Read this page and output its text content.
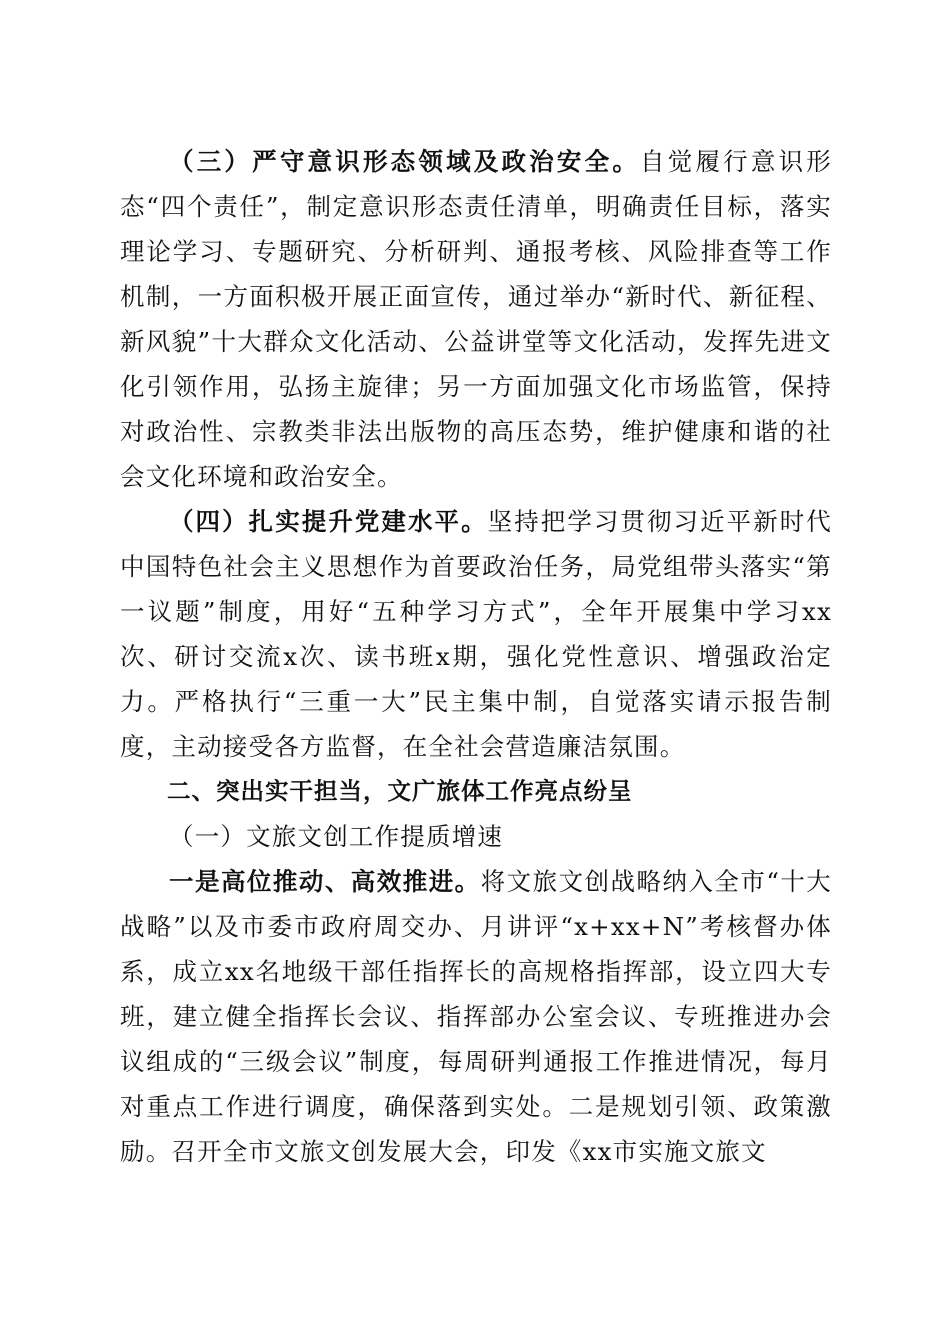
（三）严守意识形态领域及政治安全。自觉履行意识形态“四个责任”，制定意识形态责任清单，明确责任目标，落实理论学习、专题研究、分析研判、通报考核、风险排查等工作机制，一方面积极开展正面宣传，通过举办“新时代、新征程、新风貌”十大群众文化活动、公益讲堂等文化活动，发挥先进文化引领作用，弘扬主旋律；另一方面加强文化市场监管，保持对政治性、宗教类非法出版物的高压态势，维护健康和谐的社会文化环境和政治安全。

（四）扎实提升党建水平。坚持把学习贯彻习近平新时代中国特色社会主义思想作为首要政治任务，局党组带头落实“第一议题”制度，用好“五种学习方式”，全年开展集中学习xx次、研讨交流x次、读书班x期，强化党性意识、增强政治定力。严格执行“三重一大”民主集中制，自觉落实请示报告制度，主动接受各方监督，在全社会营造廉洁氛围。

二、突出实干担当，文广旅体工作亮点纷呈

（一）文旅文创工作提质增速

一是高位推动、高效推进。将文旅文创战略纳入全市“十大战略”以及市委市政府周交办、月讲评“x+xx+N”考核督办体系，成立xx名地级干部任指挥长的高规格指挥部，设立四大专班，建立健全指挥长会议、指挥部办公室会议、专班推进办会议组成的“三级会议”制度，每周研判通报工作推进情况，每月对重点工作进行调度，确保落到实处。二是规划引领、政策激励。召开全市文旅文创发展大会，印发《xx市实施文旅文
